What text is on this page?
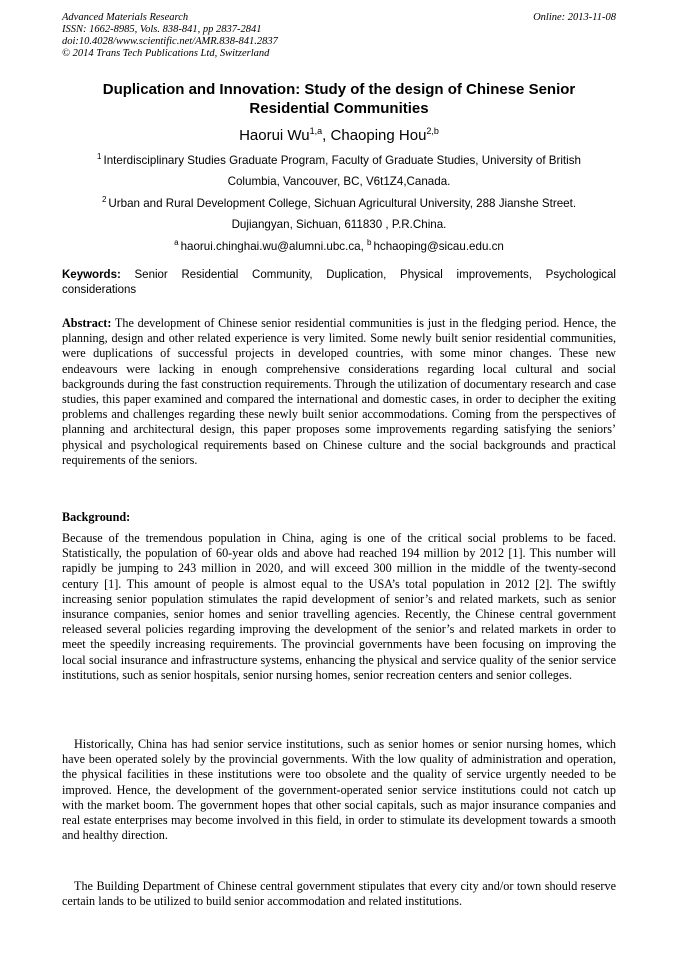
Advanced Materials Research
ISSN: 1662-8985, Vols. 838-841, pp 2837-2841
doi:10.4028/www.scientific.net/AMR.838-841.2837
© 2014 Trans Tech Publications Ltd, Switzerland
Online: 2013-11-08
Duplication and Innovation: Study of the design of Chinese Senior
Residential Communities
Haorui Wu$^{1,a}$, Chaoping Hou$^{2,b}$
$^1$ Interdisciplinary Studies Graduate Program, Faculty of Graduate Studies, University of British
Columbia, Vancouver, BC, V6t1Z4,Canada.
$^2$ Urban and Rural Development College, Sichuan Agricultural University, 288 Jianshe Street.
Dujiangyan, Sichuan, 611830 , P.R.China.
$^a$ haorui.chinghai.wu@alumni.ubc.ca, $^b$ hchaoping@sicau.edu.cn
Keywords: Senior Residential Community, Duplication, Physical improvements, Psychological considerations
Abstract: The development of Chinese senior residential communities is just in the fledging period. Hence, the planning, design and other related experience is very limited. Some newly built senior residential communities, were duplications of successful projects in developed countries, with some minor changes. These new endeavours were lacking in enough comprehensive considerations regarding local cultural and social backgrounds during the fast construction requirements. Through the utilization of documentary research and case studies, this paper examined and compared the international and domestic cases, in order to decipher the exiting problems and challenges regarding these newly built senior accommodations. Coming from the perspectives of planning and architectural design, this paper proposes some improvements regarding satisfying the seniors’ physical and psychological requirements based on Chinese culture and the social backgrounds and practical requirements of the seniors.
Background:
Because of the tremendous population in China, aging is one of the critical social problems to be faced. Statistically, the population of 60-year olds and above had reached 194 million by 2012 [1]. This number will rapidly be jumping to 243 million in 2020, and will exceed 300 million in the middle of the twenty-second century [1]. This amount of people is almost equal to the USA’s total population in 2012 [2]. The swiftly increasing senior population stimulates the rapid development of senior’s and related markets, such as senior insurance companies, senior homes and senior travelling agencies. Recently, the Chinese central government released several policies regarding improving the development of the senior’s and related markets in order to meet the speedily increasing requirements. The provincial governments have been focusing on improving the local social insurance and infrastructure systems, enhancing the physical and service quality of the senior service institutions, such as senior hospitals, senior nursing homes, senior recreation centers and senior colleges.
Historically, China has had senior service institutions, such as senior homes or senior nursing homes, which have been operated solely by the provincial governments. With the low quality of administration and operation, the physical facilities in these institutions were too obsolete and the quality of service urgently needed to be improved. Hence, the development of the government-operated senior service institutions could not catch up with the market boom. The government hopes that other social capitals, such as major insurance companies and real estate enterprises may become involved in this field, in order to stimulate its development towards a smooth and healthy direction.
The Building Department of Chinese central government stipulates that every city and/or town should reserve certain lands to be utilized to build senior accommodation and related institutions.
